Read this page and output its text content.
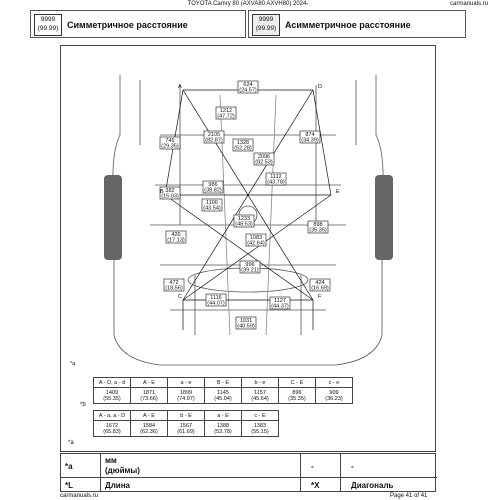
TOYOTA Camry 80 (AXVA80 AXVH80) 2024-	carmanuals.ru
9999
(99.99) Симметричное расстояние
9999
(99.99) Асимметричное расстояние
624
(24.57)
1212
(47.72)
2105
(82.87)	1328
(52.28)
874
(34.39)
745
(29.35)
2096
(82.53)
1112
(43.78)
382
(15.03)
986
(38.82)
1106
(43.54)
1233
(48.53)
426
(17.13)
898
(35.35)
1083
(42.64)
996
(39.21)
472
(18.56)
424
(16.69)
1116
(44.07)	1127
(44.37)
1031
(40.59)
A
B
C
D
E
F
*a
A - D, a - d	A - E	a - e	B - E	b - e	C - E	c - e
1409
(55.35)	1871
(73.66)	1899
(74.97)	1145
(45.04)	1157
(45.64)	896
(35.35)	909
(36.23)
*b
A - a, a - D	A - E	b - E	a - E	c - E
1672
(65.83)	1584
(62.36)	1567
(61.69)	1388
(53.78)	1383
(55.15)
*a
*a
мм
(дюймы)	-	-
*L	Длина	*X	Диагональ
carmanuals.ru	Page 41 of 41
